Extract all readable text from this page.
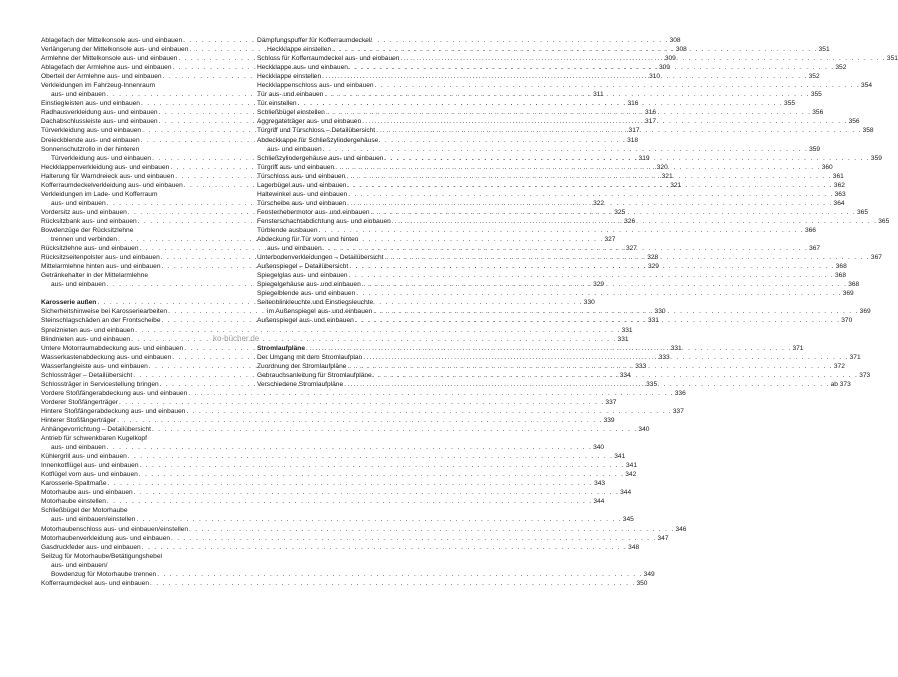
Ablagefach der Mittelkonsole aus- und einbauen . . .	308
Verlängerung der Mittelkonsole aus- und einbauen . . .	308
Armlehne der Mittelkonsole aus- und einbauen . . .	309
Ablagefach der Armlehne aus- und einbauen . . .	309
Oberteil der Armlehne aus- und einbauen . . .	310
Verkleidungen im Fahrzeug-Innenraum
aus- und einbauen . . .	311
Einstiegleisten aus- und einbauen . . .	316
Radhausverkleidung aus- und einbauen . . .	316
Dachabschlussleiste aus- und einbauen . . .	317
Türverkleidung aus- und einbauen . . .	317
Dreieckblende aus- und einbauen . . .	318
Sonnenschutzrollo in der hinteren
Türverkleidung aus- und einbauen . . .	319
Heckklappenverkleidung aus- und einbauen . . .	320
Halterung für Warndreieck aus- und einbauen . . .	321
Kofferraumdeckelverkleidung aus- und einbauen . . .	321
Verkleidungen im Lade- und Kofferraum
aus- und einbauen . . .	322
Vordersitz aus- und einbauen . . .	325
Rücksitzbank aus- und einbauen . . .	326
Bowdenzüge der Rücksitzlehne
trennen und verbinden . . .	327
Rücksitzlehne aus- und einbauen . . .	327
Rücksitzseitenpolster aus- und einbauen . . .	328
Mittelarmlehne hinten aus- und einbauen . . .	329
Getränkehalter in der Mittelarmlehne
aus- und einbauen . . .	329
Karosserie außen . . .	330
Sicherheitshinweise bei Karosseriearbeiten . . .	330
Steinschlagschäden an der Frontscheibe . . .	331
Spreiznieten aus- und einbauen . . .	331
Blindnieten aus- und einbauen . . .	331
Untere Motorraumabdeckung aus- und einbauen . . .	331
Wasserkastenabdeckung aus- und einbauen . . .	333
Wasserfangleiste aus- und einbauen . . .	333
Schlossträger – Detailübersicht . . .	334
Schlossträger in Servicestellung bringen . . .	335
Vordere Stoßfängerabdeckung aus- und einbauen . . .	336
Vorderer Stoßfängerträger . . .	337
Hintere Stoßfängerabdeckung aus- und einbauen . . .	337
Hinterer Stoßfängerträger . . .	339
Anhängevorrichtung – Detailübersicht . . .	340
Antrieb für schwenkbaren Kugelkopf
aus- und einbauen . . .	340
Kühlergrill aus- und einbauen . . .	341
Innenkotflügel aus- und einbauen . . .	341
Kotflügel vorn aus- und einbauen . . .	342
Karosserie-Spaltmaße . . .	343
Motorhaube aus- und einbauen . . .	344
Motorhaube einstellen . . .	344
Schließbügel der Motorhaube
aus- und einbauen/einstellen . . .	345
Motorhaubenschloss aus- und einbauen/einstellen . . .	346
Motorhaubenverkleidung aus- und einbauen . . .	347
Gasdruckfeder aus- und einbauen . . .	348
Seilzug für Motorhaube/Betätigungshebel
aus- und einbauen/
Bowdenzug für Motorhaube trennen . . .	349
Kofferraumdeckel aus- und einbauen . . .	350
Dämpfungspuffer für Kofferraumdeckel/
Heckklappe einstellen . . .	351
Schloss für Kofferraumdeckel aus- und einbauen . . .	351
Heckklappe aus- und einbauen . . .	352
Heckklappe einstellen . . .	352
Heckklappenschloss aus- und einbauen . . .	354
Tür aus- und einbauen . . .	355
Tür einstellen . . .	355
Schließbügel einstellen . . .	356
Aggregateträger aus- und einbauen . . .	356
Türgriff und Türschloss – Detailübersicht . . .	358
Abdeckkappe für Schließzylindergehäuse
aus- und einbauen . . .	359
Schließzylindergehäuse aus- und einbauen . . .	359
Türgriff aus- und einbauen . . .	360
Türschloss aus- und einbauen . . .	361
Lagerbügel aus- und einbauen . . .	362
Haltewinkel aus- und einbauen . . .	363
Türscheibe aus- und einbauen . . .	364
Fensterhebermotor aus- und einbauen . . .	365
Fensterschachtabdichtung aus- und einbauen . . .	365
Türblende ausbauen . . .	366
Abdeckung für Tür vorn und hinten
aus- und einbauen . . .	367
Unterbodenverkleidungen – Detailübersicht . . .	367
Außenspiegel – Detailübersicht . . .	368
Spiegelglas aus- und einbauen . . .	368
Spiegelgehäuse aus- und einbauen . . .	368
Spiegelblende aus- und einbauen . . .	369
Seitenblinkleuchte und Einstiegsleuchte
im Außenspiegel aus- und einbauen . . .	369
Außenspiegel aus- und einbauen . . .	370
Stromlaufpläne . . .	371
Der Umgang mit dem Stromlaufplan . . .	371
Zuordnung der Stromlaufpläne . . .	372
Gebrauchsanleitung für Stromlaufpläne . . .	373
Verschiedene Stromlaufpläne . . .	ab 373
ko-bücher.de
